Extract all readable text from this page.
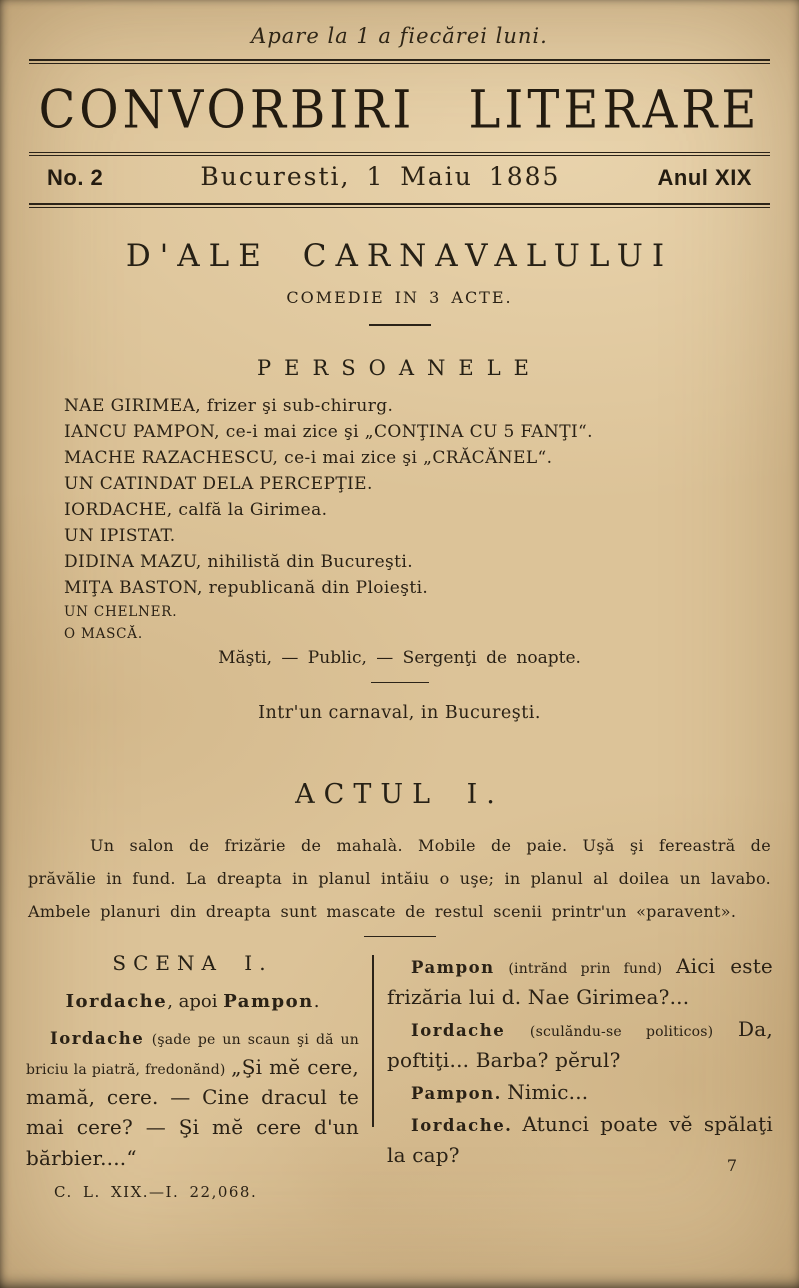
Apare la 1 a fiecărei luni.
CONVORBIRI LITERARE
No. 2	Bucuresti, 1 Maiu 1885	Anul XIX
D'ALE CARNAVALULUI
COMEDIE IN 3 ACTE.
PERSOANELE
NAE GIRIMEA, frizer şi sub-chirurg.
IANCU PAMPON, ce-i mai zice şi „CONŢINA CU 5 FANŢI“.
MACHE RAZACHESCU, ce-i mai zice şi „CRĂCĂNEL“.
UN CATINDAT DELA PERCEPŢIE.
IORDACHE, calfă la Girimea.
UN IPISTAT.
DIDINA MAZU, nihilistă din Bucureşti.
MIŢA BASTON, republicană din Ploieşti.
UN CHELNER.
O MASCĂ.
Măşti, — Public, — Sergenţi de noapte.
Intr'un carnaval, in Bucureşti.
ACTUL I.

Un salon de frizărie de mahalà. Mobile de paie. Uşă şi fereastră de prăvălie in fund. La dreapta in planul intăiu o uşe; in planul al doilea un lavabo. Ambele planuri din dreapta sunt mascate de restul scenii printr'un «paravent».

SCENA I.
Iordache, apoi Pampon.

Iordache (şade pe un scaun şi dă un briciu la piatră, fredonănd) „Şi mĕ cere, mamă, cere. — Cine dracul te mai cere? — Şi mĕ cere d'un bărbier....“

C. L. XIX.—I. 22,068.

Pampon (intrănd prin fund) Aici este frizăria lui d. Nae Girimea?...

Iordache (sculăndu-se politicos) Da, poftiţi... Barba? pĕrul?

Pampon. Nimic...

Iordache. Atunci poate vĕ spălaţi la cap?	7
